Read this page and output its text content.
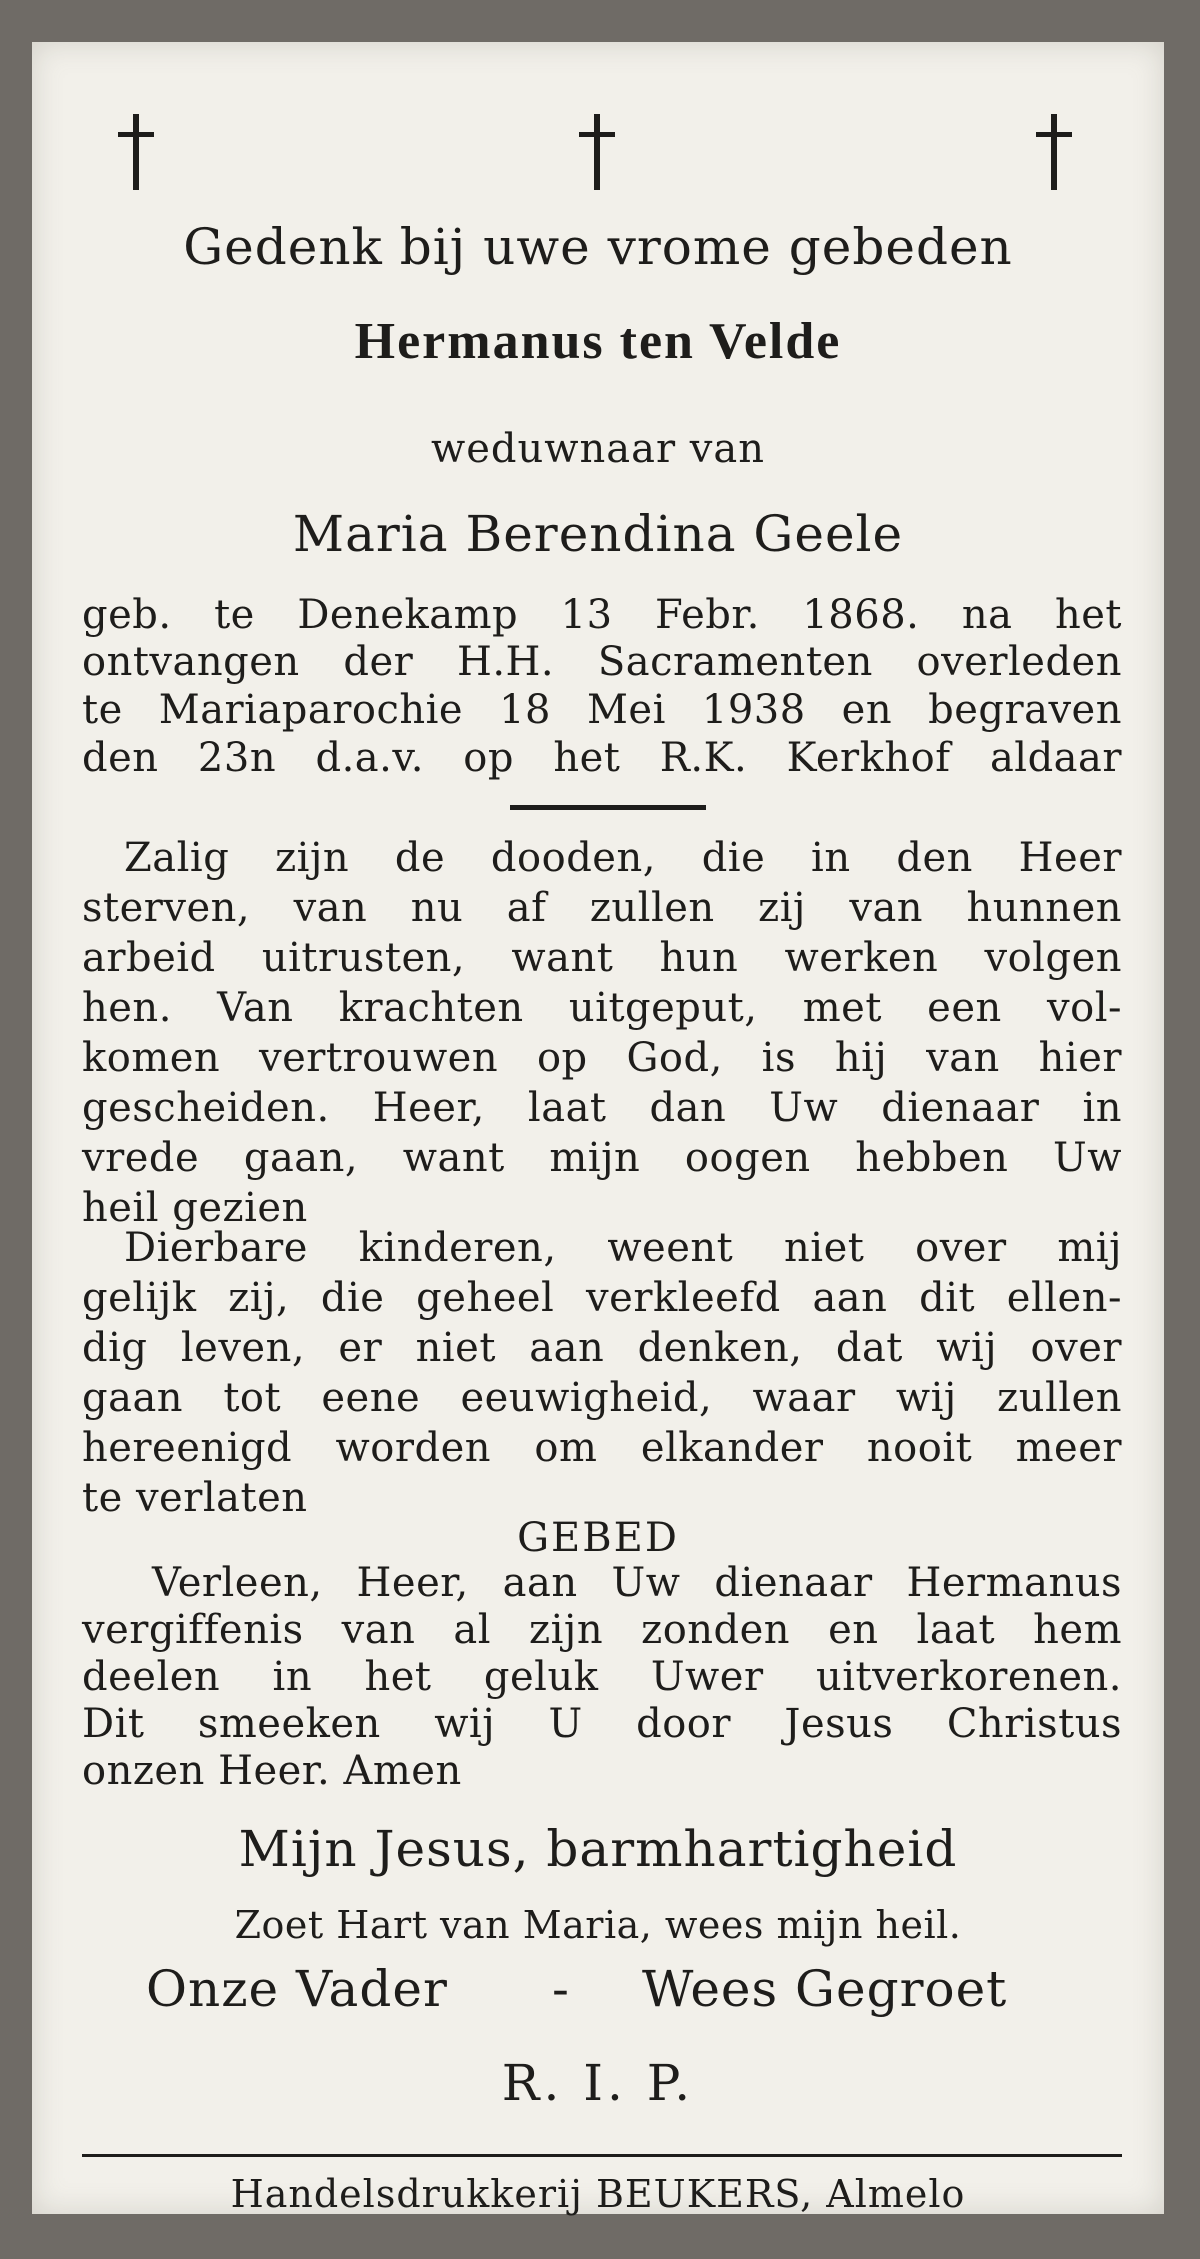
Gedenk bij uwe vrome gebeden
Hermanus ten Velde
weduwnaar van
Maria Berendina Geele
geb. te Denekamp 13 Febr. 1868. na het
ontvangen der H.H. Sacramenten overleden
te Mariaparochie 18 Mei 1938 en begraven
den 23n d.a.v. op het R.K. Kerkhof aldaar
Zalig zijn de dooden, die in den Heer
sterven, van nu af zullen zij van hunnen
arbeid uitrusten, want hun werken volgen
hen. Van krachten uitgeput, met een vol-
komen vertrouwen op God, is hij van hier
gescheiden. Heer, laat dan Uw dienaar in
vrede gaan, want mijn oogen hebben Uw
heil gezien
Dierbare kinderen, weent niet over mij
gelijk zij, die geheel verkleefd aan dit ellen-
dig leven, er niet aan denken, dat wij over
gaan tot eene eeuwigheid, waar wij zullen
hereenigd worden om elkander nooit meer
te verlaten
GEBED
Verleen, Heer, aan Uw dienaar Hermanus
vergiffenis van al zijn zonden en laat hem
deelen in het geluk Uwer uitverkorenen.
Dit smeeken wij U door Jesus Christus
onzen Heer. Amen
Mijn Jesus, barmhartigheid
Zoet Hart van Maria, wees mijn heil.
Onze Vader - Wees Gegroet
R. I. P.
Handelsdrukkerij BEUKERS, Almelo
